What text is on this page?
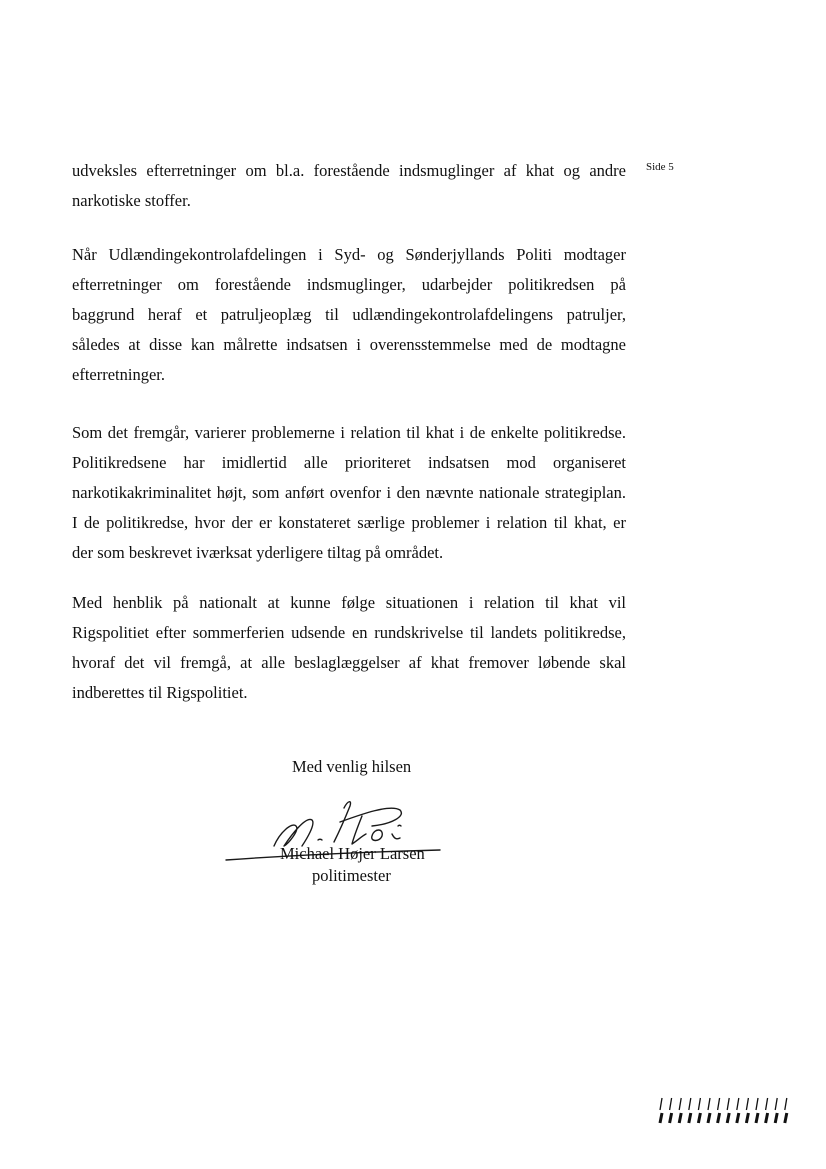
Side 5
udveksles efterretninger om bl.a. forestående indsmuglinger af khat og andre
narkotiske stoffer.
Når Udlændingekontrolafdelingen i Syd- og Sønderjyllands Politi modtager
efterretninger om forestående indsmuglinger, udarbejder politikredsen på
baggrund heraf et patruljeoplæg til udlændingekontrolafdelingens patruljer,
således at disse kan målrette indsatsen i overensstemmelse med de modtagne
efterretninger.
Som det fremgår, varierer problemerne i relation til khat i de enkelte politikredse.
Politikredsene har imidlertid alle prioriteret indsatsen mod organiseret
narkotikakriminalitet højt, som anført ovenfor i den nævnte nationale strategiplan.
I de politikredse, hvor der er konstateret særlige problemer i relation til khat, er
der som beskrevet iværksat yderligere tiltag på området.
Med henblik på nationalt at kunne følge situationen i relation til khat vil
Rigspolitiet efter sommerferien udsende en rundskrivelse til landets politikredse,
hvoraf det vil fremgå, at alle beslaglæggelser af khat fremover løbende skal
indberettes til Rigspolitiet.
Med venlig hilsen
Michael Højer Larsen
politimester
